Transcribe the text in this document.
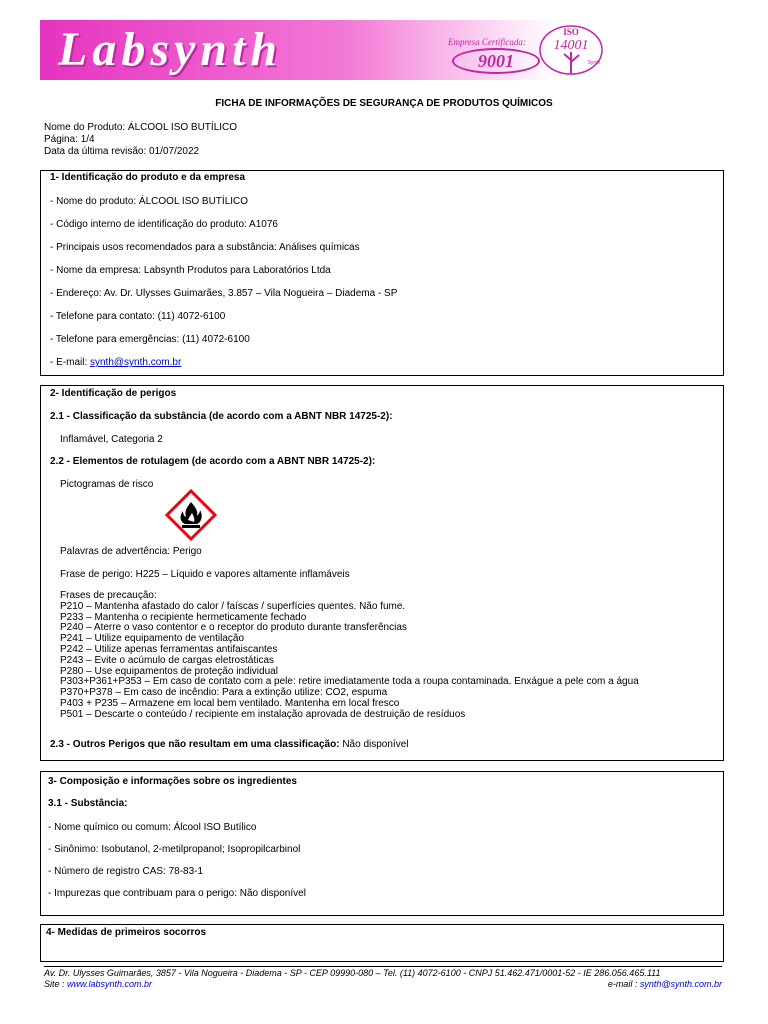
Labsynth	Empresa Certificada:
9001
ISO
14001
Synth
FICHA DE INFORMAÇÕES DE SEGURANÇA DE PRODUTOS QUÍMICOS
Nome do Produto: ÁLCOOL ISO BUTÍLICO
Página: 1/4
Data da última revisão: 01/07/2022
1- Identificação do produto e da empresa
- Nome do produto: ÁLCOOL ISO BUTÍLICO
- Código interno de identificação do produto: A1076
- Principais usos recomendados para a substância: Análises químicas
- Nome da empresa: Labsynth Produtos para Laboratórios Ltda
- Endereço: Av. Dr. Ulysses Guimarães, 3.857 – Vila Nogueira – Diadema - SP
- Telefone para contato: (11) 4072-6100
- Telefone para emergências: (11) 4072-6100
- E-mail: synth@synth.com.br
2- Identificação de perigos
2.1 - Classificação da substância (de acordo com a ABNT NBR 14725-2):
Inflamável, Categoria 2
2.2 - Elementos de rotulagem (de acordo com a ABNT NBR 14725-2):
Pictogramas de risco
Palavras de advertência: Perigo
Frase de perigo: H225 – Líquido e vapores altamente inflamáveis
Frases de precaução:
P210 – Mantenha afastado do calor / faíscas / superfícies quentes. Não fume.
P233 – Mantenha o recipiente hermeticamente fechado
P240 – Aterre o vaso contentor e o receptor do produto durante transferências
P241 – Utilize equipamento de ventilação
P242 – Utilize apenas ferramentas antifaiscantes
P243 – Evite o acúmulo de cargas eletrostáticas
P280 – Use equipamentos de proteção individual
P303+P361+P353 – Em caso de contato com a pele: retire imediatamente toda a roupa contaminada. Enxágue a pele com a água
P370+P378 – Em caso de incêndio: Para a extinção utilize: CO2, espuma
P403 + P235 – Armazene em local bem ventilado. Mantenha em local fresco
P501 – Descarte o conteúdo / recipiente em instalação aprovada de destruição de resíduos
2.3 - Outros Perigos que não resultam em uma classificação: Não disponível
3- Composição e informações sobre os ingredientes
3.1 - Substância:
- Nome químico ou comum: Álcool ISO Butílico
- Sinônimo: Isobutanol, 2-metilpropanol; Isopropilcarbinol
- Número de registro CAS: 78-83-1
- Impurezas que contribuam para o perigo: Não disponível
4- Medidas de primeiros socorros
Av. Dr. Ulysses Guimarães, 3857 - Vila Nogueira - Diadema - SP - CEP 09990-080 – Tel. (11) 4072-6100 - CNPJ 51.462.471/0001-52 - IE 286.056.465.111
Site : www.labsynth.com.br	e-mail : synth@synth.com.br
